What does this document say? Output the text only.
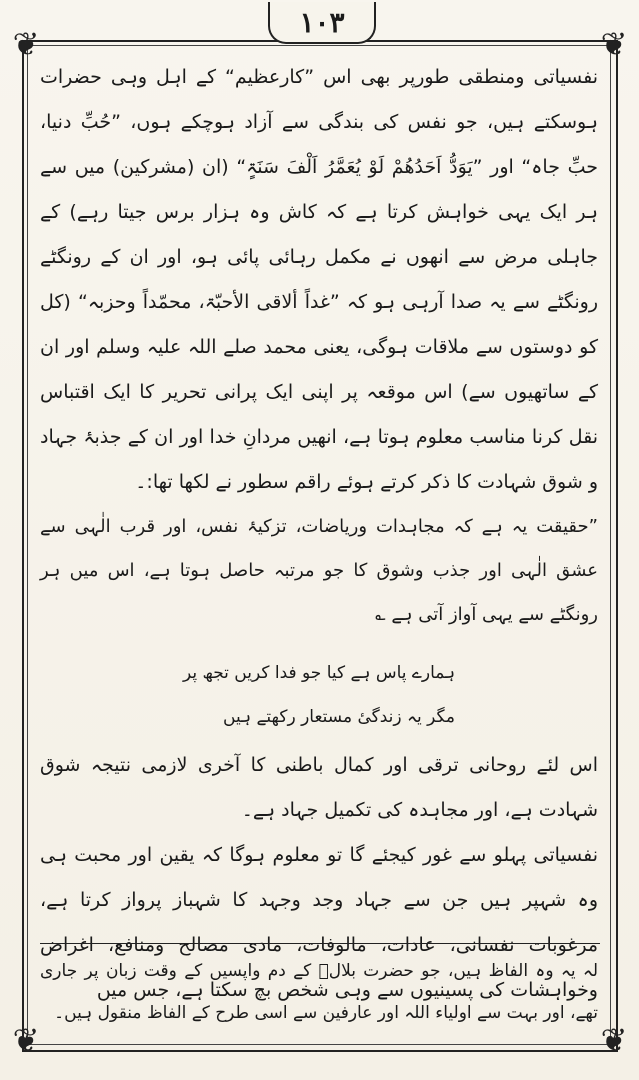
❦	❦
❦	❦
١٠٣

نفسیاتی ومنطقی طورپر بھی اس ”کارعظیم“ کے اہل وہی حضرات ہوسکتے ہیں، جو نفس کی بندگی سے آزاد ہوچکے ہوں، ”حُبِّ دنیا، حبِّ جاہ“ اور ”یَوَدُّ اَحَدُھُمْ لَوْ یُعَمَّرُ اَلْفَ سَنَۃٍ“ (ان (مشرکین) میں سے ہر ایک یہی خواہش کرتا ہے کہ کاش وہ ہزار برس جیتا رہے) کے جاہلی مرض سے انھوں نے مکمل رہائی پائی ہو، اور ان کے رونگٹے رونگٹے سے یہ صدا آرہی ہو کہ ”غداً ألاقی الأحبّۃ، محمّداً وحزبہ“ (کل کو دوستوں سے ملاقات ہوگی، یعنی محمد صلے اللہ علیہ وسلم اور ان کے ساتھیوں سے) اس موقعہ پر اپنی ایک پرانی تحریر کا ایک اقتباس نقل کرنا مناسب معلوم ہوتا ہے، انھیں مردانِ خدا اور ان کے جذبۂ جہاد و شوق شہادت کا ذکر کرتے ہوئے راقم سطور نے لکھا تھا:۔

”حقیقت یہ ہے کہ مجاہدات وریاضات، تزکیۂ نفس، اور قرب الٰہی سے عشق الٰہی اور جذب وشوق کا جو مرتبہ حاصل ہوتا ہے، اس میں ہر رونگٹے سے یہی آواز آتی ہے ؎

ہمارے پاس ہے کیا جو فدا کریں تجھ پر
مگر یہ زندگیٔ مستعار رکھتے ہیں

اس لئے روحانی ترقی اور کمال باطنی کا آخری لازمی نتیجہ شوق شہادت ہے، اور مجاہدہ کی تکمیل جہاد ہے۔

نفسیاتی پہلو سے غور کیجئے گا تو معلوم ہوگا کہ یقین اور محبت ہی وہ شہپر ہیں جن سے جہاد وجد وجہد کا شہباز پرواز کرتا ہے، مرغوبات نفسانی، عادات، مالوفات، مادی مصالح ومنافع، اغراض وخواہشات کی پسینیوں سے وہی شخص بچ سکتا ہے، جس میں

لہ یہ وہ الفاظ ہیں، جو حضرت بلالؓ کے دم واپسیں کے وقت زبان پر جاری تھے، اور بہت سے اولیاء اللہ اور عارفین سے اسی طرح کے الفاظ منقول ہیں۔
